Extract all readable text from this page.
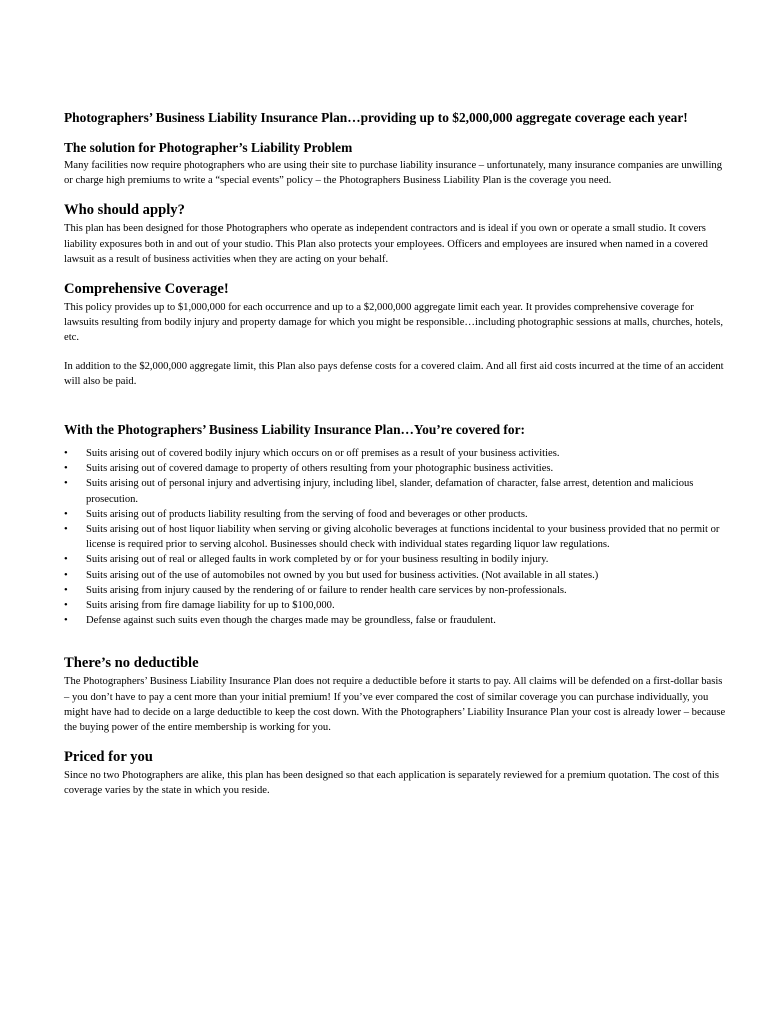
Photographers’ Business Liability Insurance Plan…providing up to $2,000,000 aggregate coverage each year!
The solution for Photographer’s Liability Problem

Many facilities now require photographers who are using their site to purchase liability insurance – unfortunately, many insurance companies are unwilling or charge high premiums to write a “special events” policy – the Photographers Business Liability Plan is the coverage you need.

Who should apply?

This plan has been designed for those Photographers who operate as independent contractors and is ideal if you own or operate a small studio. It covers liability exposures both in and out of your studio. This Plan also protects your employees. Officers and employees are insured when named in a covered lawsuit as a result of business activities when they are acting on your behalf.

Comprehensive Coverage!

This policy provides up to $1,000,000 for each occurrence and up to a $2,000,000 aggregate limit each year. It provides comprehensive coverage for lawsuits resulting from bodily injury and property damage for which you might be responsible…including photographic sessions at malls, churches, hotels, etc.

In addition to the $2,000,000 aggregate limit, this Plan also pays defense costs for a covered claim. And all first aid costs incurred at the time of an accident will also be paid.

With the Photographers’ Business Liability Insurance Plan…You’re covered for:
•	Suits arising out of covered bodily injury which occurs on or off premises as a result of your business activities.
•	Suits arising out of covered damage to property of others resulting from your photographic business activities.
•	Suits arising out of personal injury and advertising injury, including libel, slander, defamation of character, false arrest, detention and malicious prosecution.
•	Suits arising out of products liability resulting from the serving of food and beverages or other products.
•	Suits arising out of host liquor liability when serving or giving alcoholic beverages at functions incidental to your business provided that no permit or license is required prior to serving alcohol. Businesses should check with individual states regarding liquor law regulations.
•	Suits arising out of real or alleged faults in work completed by or for your business resulting in bodily injury.
•	Suits arising out of the use of automobiles not owned by you but used for business activities. (Not available in all states.)
•	Suits arising from injury caused by the rendering of or failure to render health care services by non-professionals.
•	Suits arising from fire damage liability for up to $100,000.
•	Defense against such suits even though the charges made may be groundless, false or fraudulent.
There’s no deductible

The Photographers’ Business Liability Insurance Plan does not require a deductible before it starts to pay. All claims will be defended on a first-dollar basis – you don’t have to pay a cent more than your initial premium! If you’ve ever compared the cost of similar coverage you can purchase individually, you might have had to decide on a large deductible to keep the cost down. With the Photographers’ Liability Insurance Plan your cost is already lower – because the buying power of the entire membership is working for you.

Priced for you

Since no two Photographers are alike, this plan has been designed so that each application is separately reviewed for a premium quotation. The cost of this coverage varies by the state in which you reside.
